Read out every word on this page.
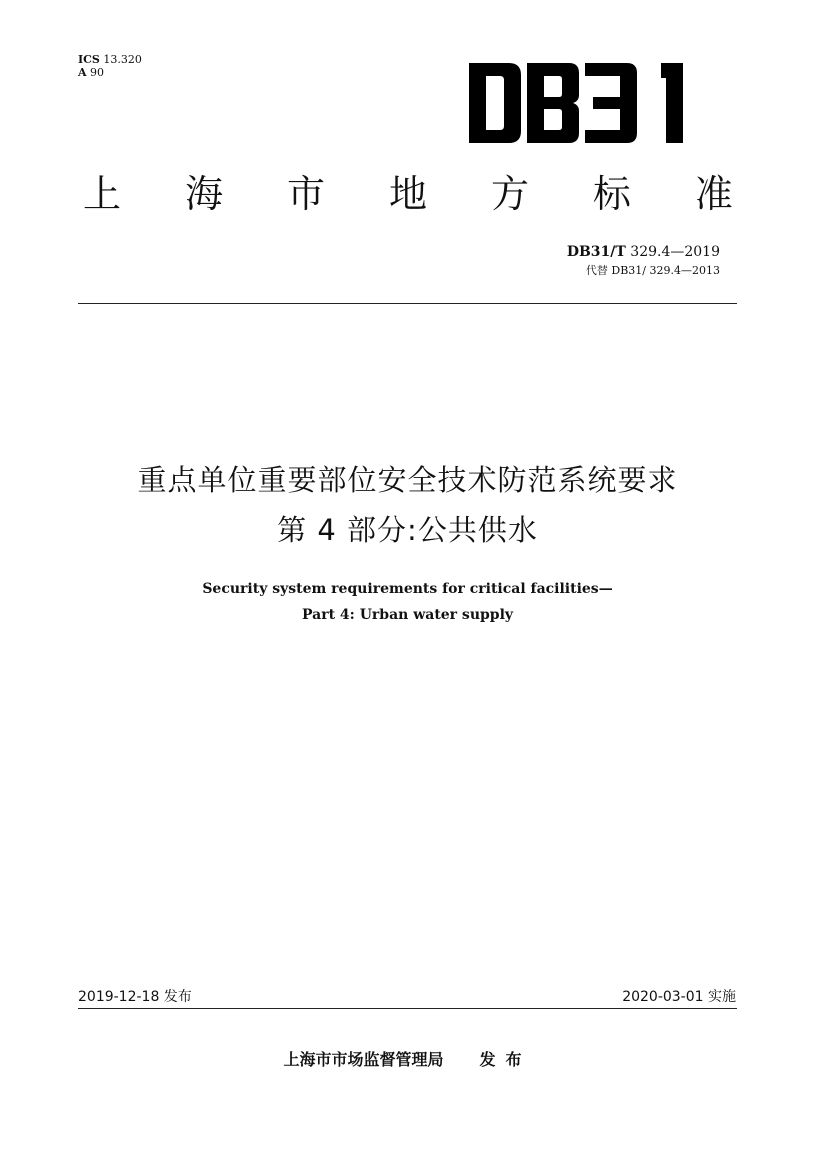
ICS 13.320
A 90
上 海 市 地 方 标 准
DB31/T 329.4—2019
代替 DB31/ 329.4—2013
重点单位重要部位安全技术防范系统要求
第 4 部分:公共供水
Security system requirements for critical facilities—
Part 4: Urban water supply
2019-12-18 发布	2020-03-01 实施
上海市市场监督管理局 发布
